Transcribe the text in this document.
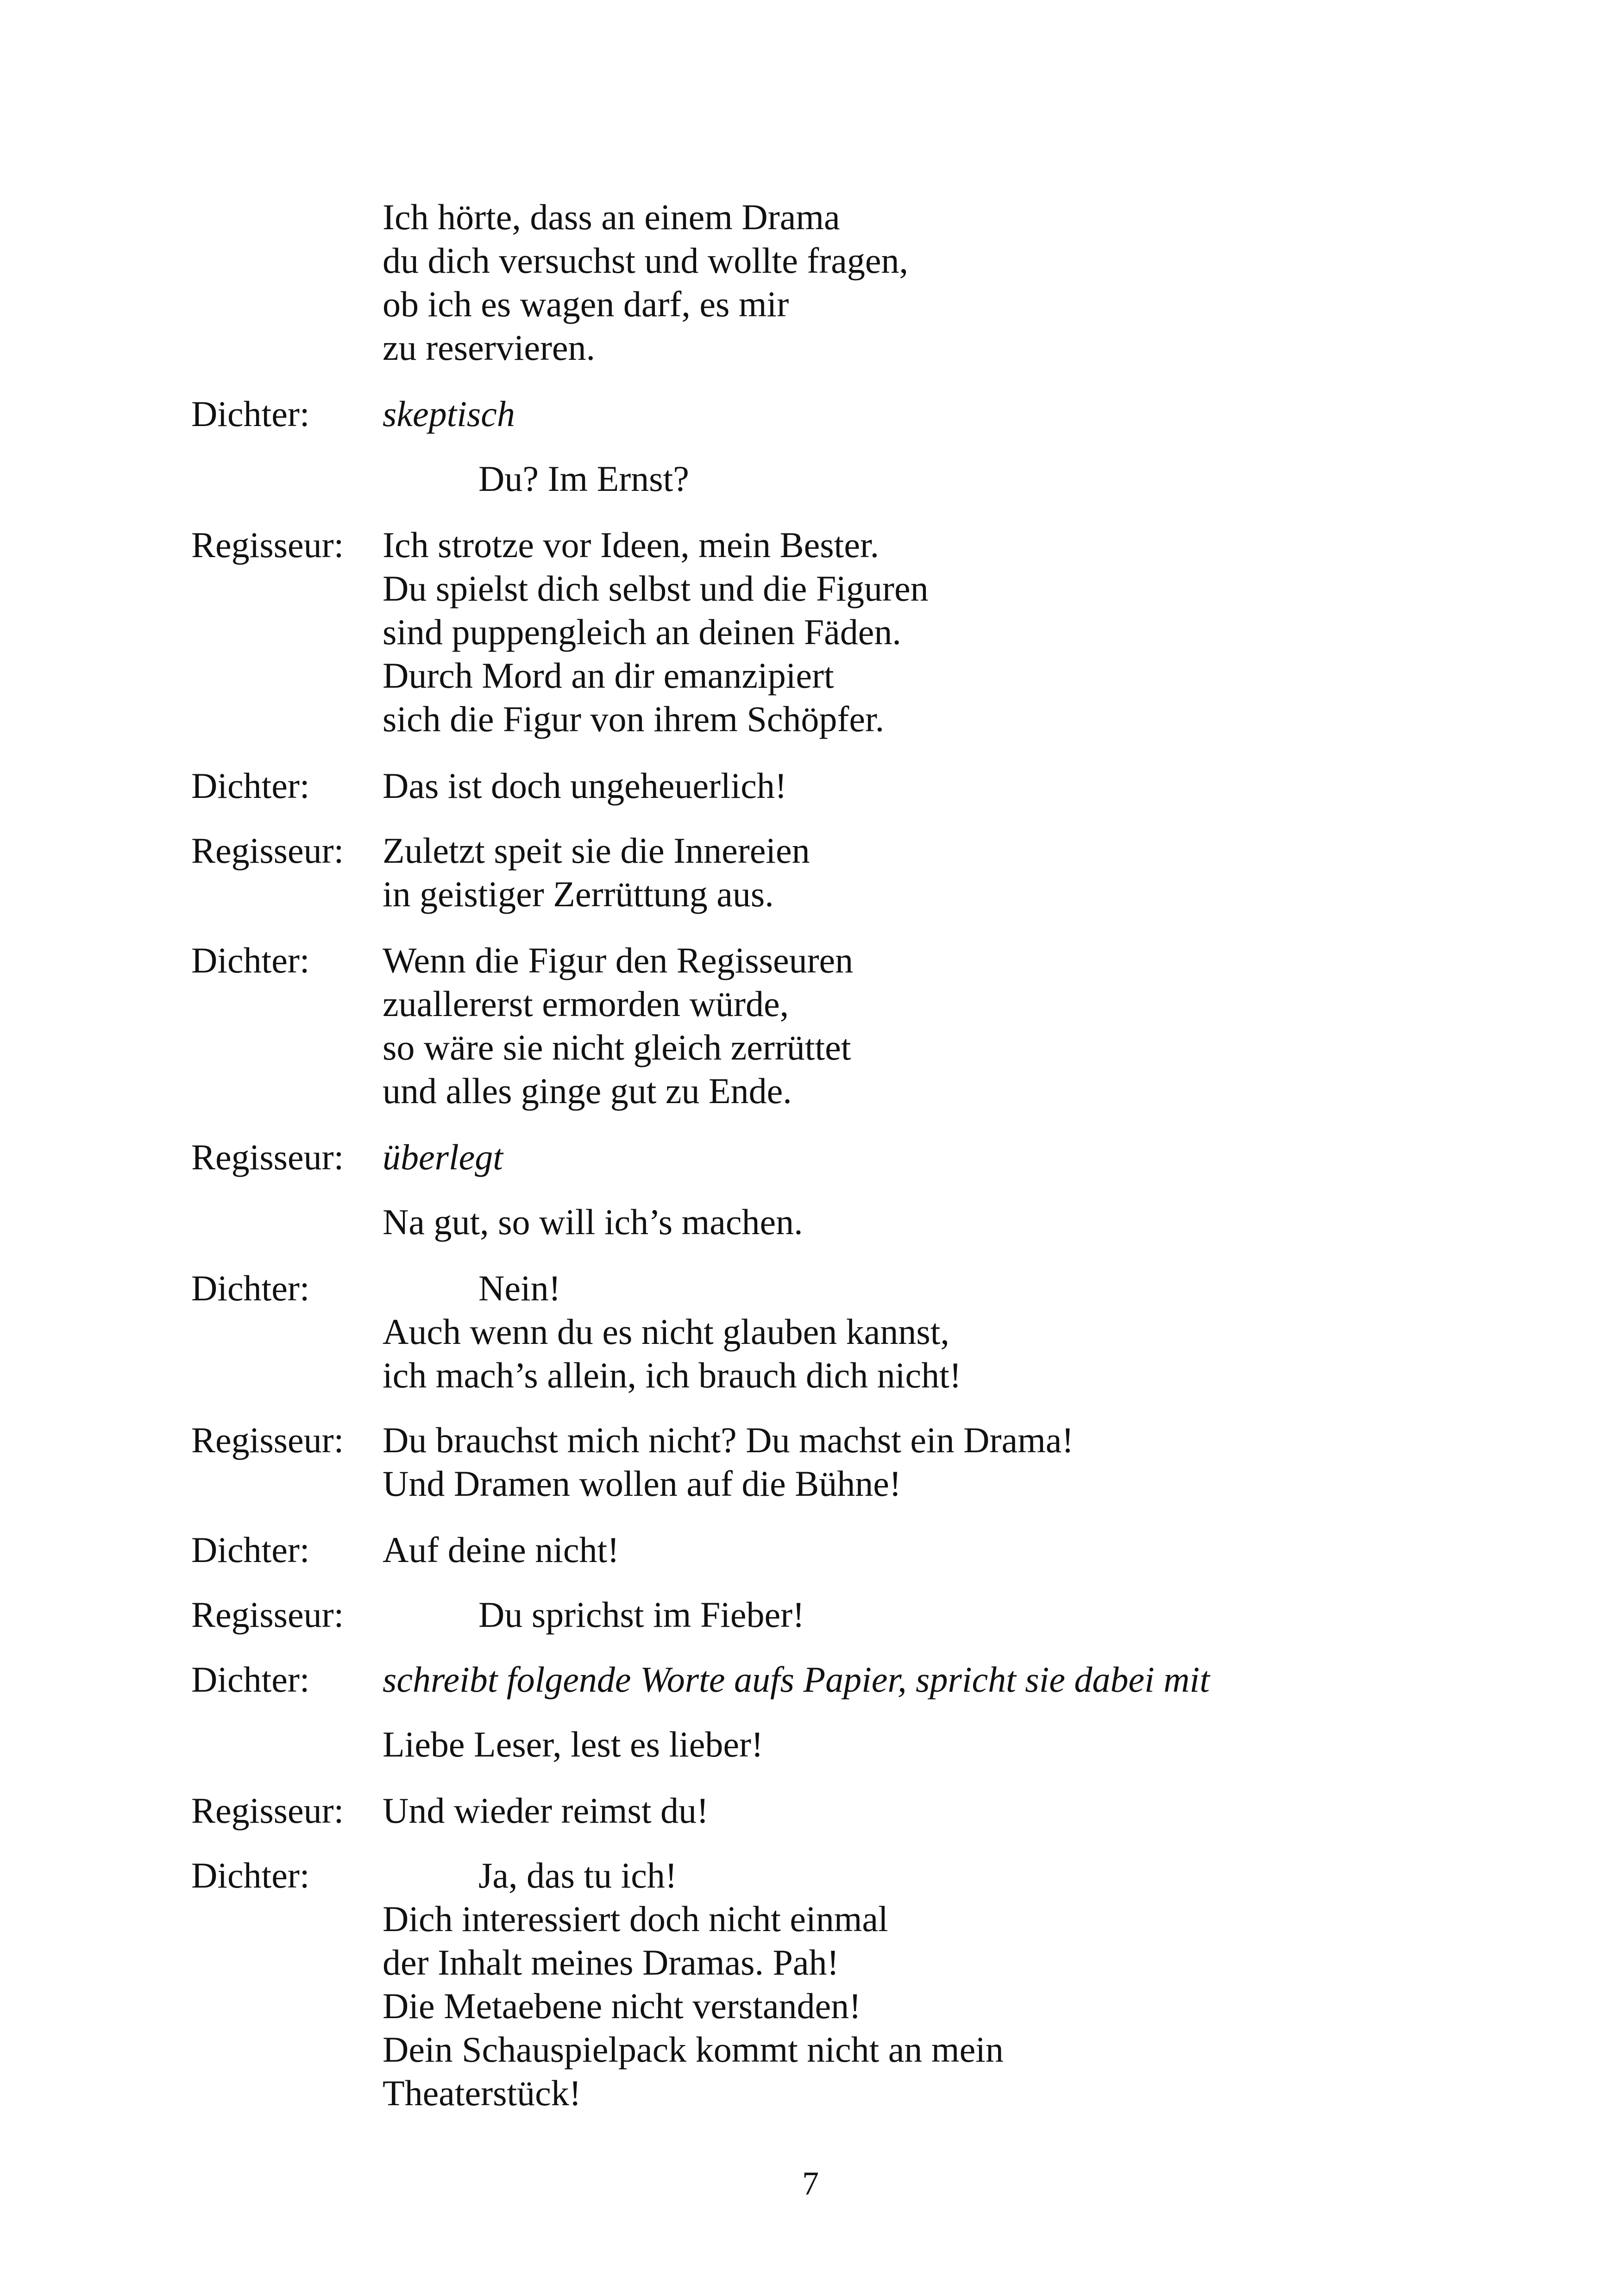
Ich hörte, dass an einem Drama
du dich versuchst und wollte fragen,
ob ich es wagen darf, es mir
zu reservieren.
Dichter: skeptisch
Du? Im Ernst?
Regisseur: Ich strotze vor Ideen, mein Bester.
Du spielst dich selbst und die Figuren
sind puppengleich an deinen Fäden.
Durch Mord an dir emanzipiert
sich die Figur von ihrem Schöpfer.
Dichter: Das ist doch ungeheuerlich!
Regisseur: Zuletzt speit sie die Innereien
in geistiger Zerrüttung aus.
Dichter: Wenn die Figur den Regisseuren
zuallererst ermorden würde,
so wäre sie nicht gleich zerrüttet
und alles ginge gut zu Ende.
Regisseur: überlegt
Na gut, so will ich’s machen.
Dichter:	Nein!
Auch wenn du es nicht glauben kannst,
ich mach’s allein, ich brauch dich nicht!
Regisseur: Du brauchst mich nicht? Du machst ein Drama!
Und Dramen wollen auf die Bühne!
Dichter: Auf deine nicht!
Regisseur:	Du sprichst im Fieber!
Dichter: schreibt folgende Worte aufs Papier, spricht sie dabei mit
Liebe Leser, lest es lieber!
Regisseur: Und wieder reimst du!
Dichter:	Ja, das tu ich!
Dich interessiert doch nicht einmal
der Inhalt meines Dramas. Pah!
Die Metaebene nicht verstanden!
Dein Schauspielpack kommt nicht an mein
Theaterstück!
7
